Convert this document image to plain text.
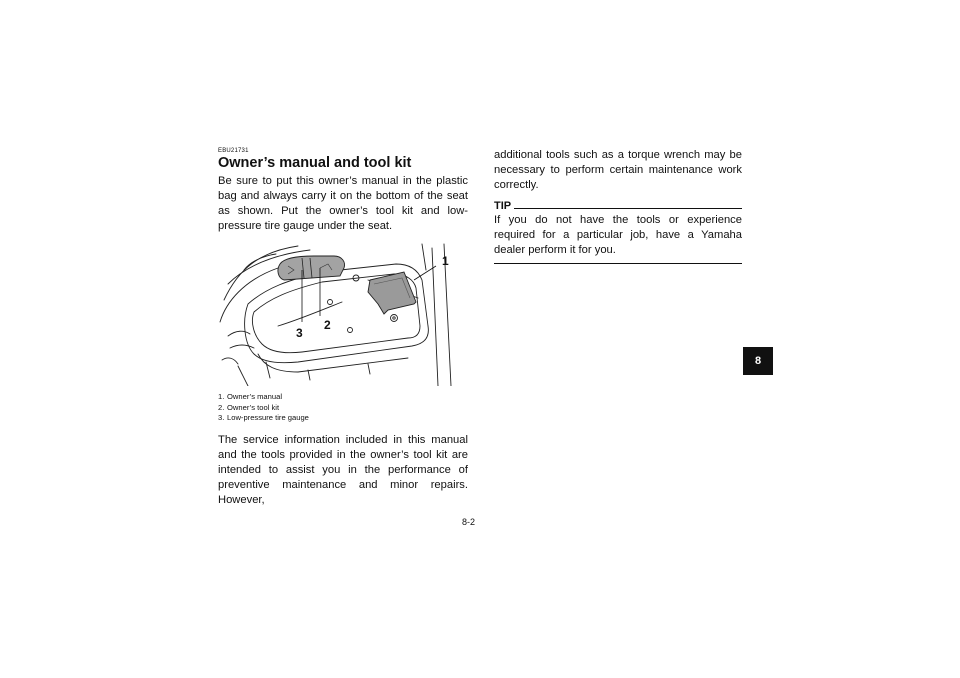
EBU21731
Owner’s manual and tool kit

Be sure to put this owner’s manual in the plastic bag and always carry it on the bottom of the seat as shown. Put the owner’s tool kit and low-pressure tire gauge under the seat.

1
2
3
1. Owner’s manual
2. Owner’s tool kit
3. Low-pressure tire gauge

The service information included in this manual and the tools provided in the owner’s tool kit are intended to assist you in the performance of preventive maintenance and minor repairs. However,

additional tools such as a torque wrench may be necessary to perform certain maintenance work correctly.

TIP

If you do not have the tools or experience required for a particular job, have a Yamaha dealer perform it for you.

8
8-2
